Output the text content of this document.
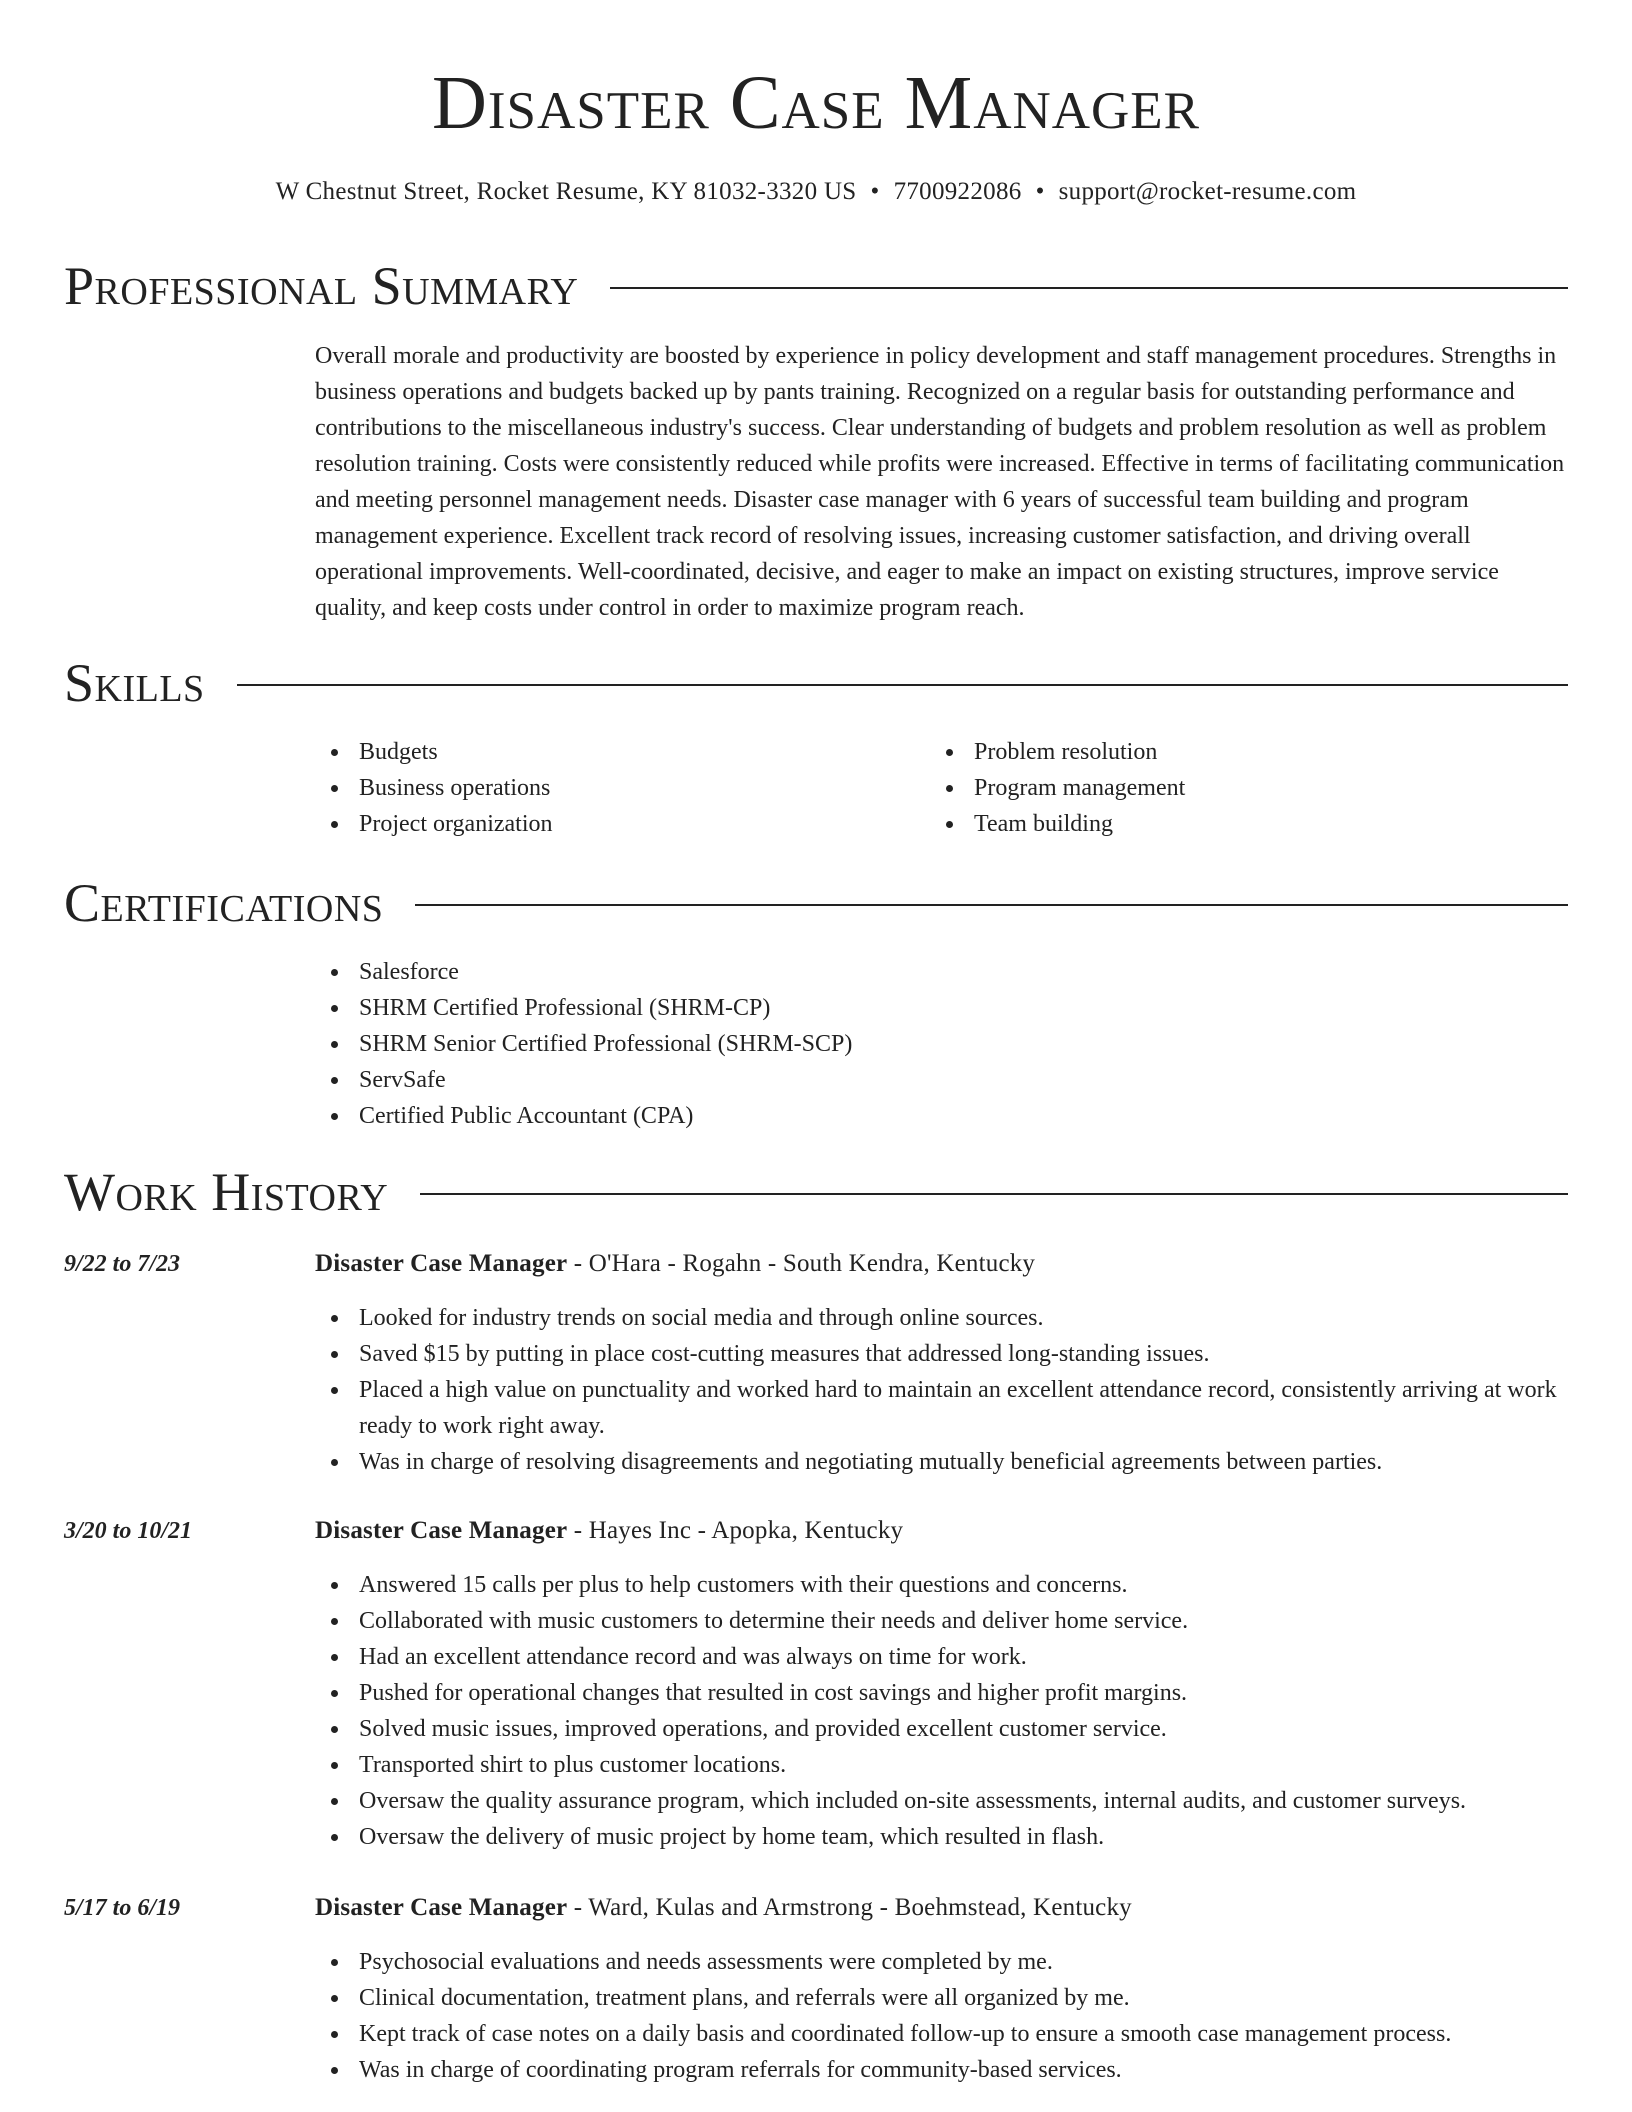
Disaster Case Manager
W Chestnut Street, Rocket Resume, KY 81032-3320 US • 7700922086 • support@rocket-resume.com
Professional Summary

Overall morale and productivity are boosted by experience in policy development and staff management procedures. Strengths in business operations and budgets backed up by pants training. Recognized on a regular basis for outstanding performance and contributions to the miscellaneous industry's success. Clear understanding of budgets and problem resolution as well as problem resolution training. Costs were consistently reduced while profits were increased. Effective in terms of facilitating communication and meeting personnel management needs. Disaster case manager with 6 years of successful team building and program management experience. Excellent track record of resolving issues, increasing customer satisfaction, and driving overall operational improvements. Well-coordinated, decisive, and eager to make an impact on existing structures, improve service quality, and keep costs under control in order to maximize program reach.

Skills
Budgets
Business operations
Project organization
Problem resolution
Program management
Team building
Certifications
Salesforce
SHRM Certified Professional (SHRM-CP)
SHRM Senior Certified Professional (SHRM-SCP)
ServSafe
Certified Public Accountant (CPA)
Work History
9/22 to 7/23	Disaster Case Manager - O'Hara - Rogahn - South Kendra, Kentucky
Looked for industry trends on social media and through online sources.
Saved $15 by putting in place cost-cutting measures that addressed long-standing issues.
Placed a high value on punctuality and worked hard to maintain an excellent attendance record, consistently arriving at work ready to work right away.
Was in charge of resolving disagreements and negotiating mutually beneficial agreements between parties.
3/20 to 10/21	Disaster Case Manager - Hayes Inc - Apopka, Kentucky
Answered 15 calls per plus to help customers with their questions and concerns.
Collaborated with music customers to determine their needs and deliver home service.
Had an excellent attendance record and was always on time for work.
Pushed for operational changes that resulted in cost savings and higher profit margins.
Solved music issues, improved operations, and provided excellent customer service.
Transported shirt to plus customer locations.
Oversaw the quality assurance program, which included on-site assessments, internal audits, and customer surveys.
Oversaw the delivery of music project by home team, which resulted in flash.
5/17 to 6/19	Disaster Case Manager - Ward, Kulas and Armstrong - Boehmstead, Kentucky
Psychosocial evaluations and needs assessments were completed by me.
Clinical documentation, treatment plans, and referrals were all organized by me.
Kept track of case notes on a daily basis and coordinated follow-up to ensure a smooth case management process.
Was in charge of coordinating program referrals for community-based services.
